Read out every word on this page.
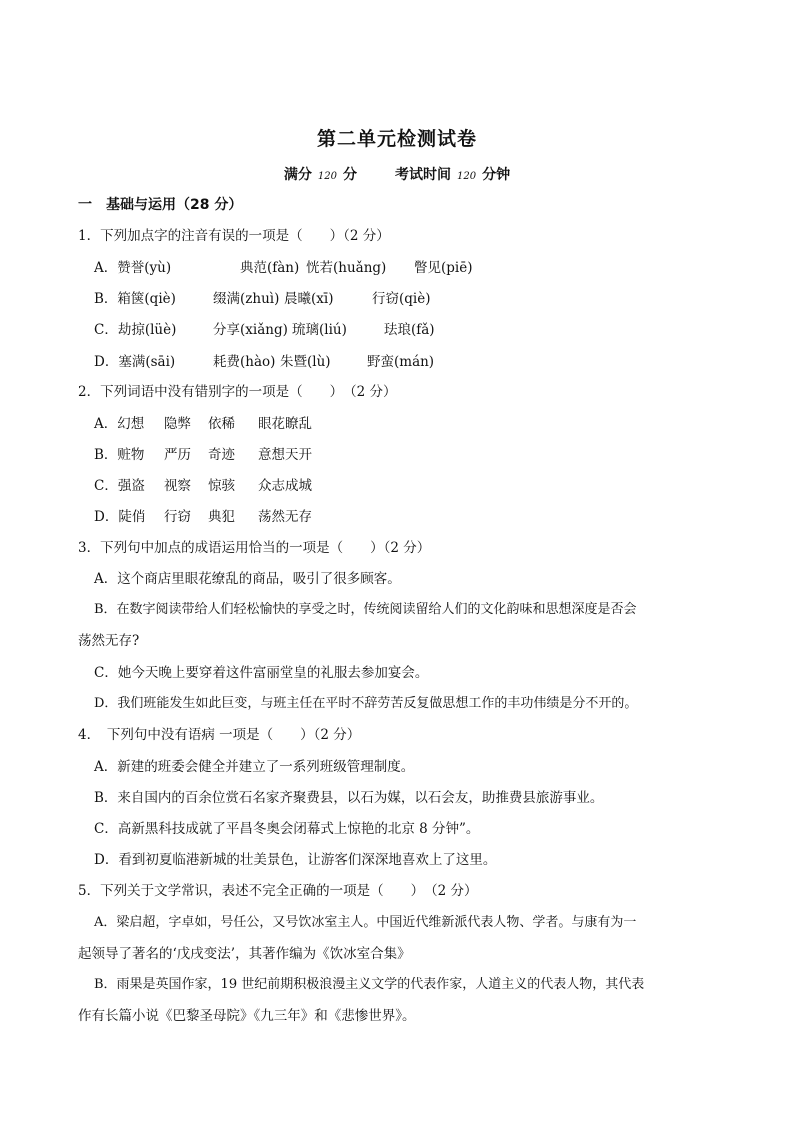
第二单元检测试卷
满分 120 分	考试时间 120 分钟
一　基础与运用（28 分）
1．下列加点字的注音有误的一项是（　　）（2 分）
A．赞誉(yù)	典范(fàn) 恍若(huǎng) 瞥见(piē)
B．箱箧(qiè)	缀满(zhuì) 晨曦(xī)	行窃(qiè)
C．劫掠(lüè)	分享(xiǎng) 琉璃(liú)	珐琅(fǎ)
D．塞满(sāi)	耗费(hào) 朱暨(lù)	野蛮(mán)
2．下列词语中没有错别字的一项是（　　）　（2 分）
A．幻想 隐弊 依稀 眼花瞭乱
B．赃物 严历 奇迹 意想天开
C．强盗 视察 惊骇 众志成城
D．陡俏 行窃 典犯 荡然无存
3．下列句中加点的成语运用恰当的一项是（　　）（2 分）
A．这个商店里眼花缭乱的商品，吸引了很多顾客。
B．在数字阅读带给人们轻松愉快的享受之时，传统阅读留给人们的文化韵味和思想深度是否会
荡然无存?
C．她今天晚上要穿着这件富丽堂皇的礼服去参加宴会。
D．我们班能发生如此巨变，与班主任在平时不辞劳苦反复做思想工作的丰功伟绩是分不开的。
4．　下列句中没有语病 一项是（　　）（2 分）
A．新建的班委会健全并建立了一系列班级管理制度。
B．来自国内的百余位赏石名家齐聚费县，以石为媒，以石会友，助推费县旅游事业。
C．高新黑科技成就了平昌冬奥会闭幕式上惊艳的北京 8 分钟”。
D．看到初夏临港新城的壮美景色，让游客们深深地喜欢上了这里。
5．下列关于文学常识，表述不完全正确的一项是（　　）　（2 分）
A．梁启超，字卓如，号任公，又号饮冰室主人。中国近代维新派代表人物、学者。与康有为一
起领导了著名的‘戊戌变法’，其著作编为《饮冰室合集》
B．雨果是英国作家，19 世纪前期积极浪漫主义文学的代表作家，人道主义的代表人物，其代表
作有长篇小说《巴黎圣母院》《九三年》和《悲惨世界》。
